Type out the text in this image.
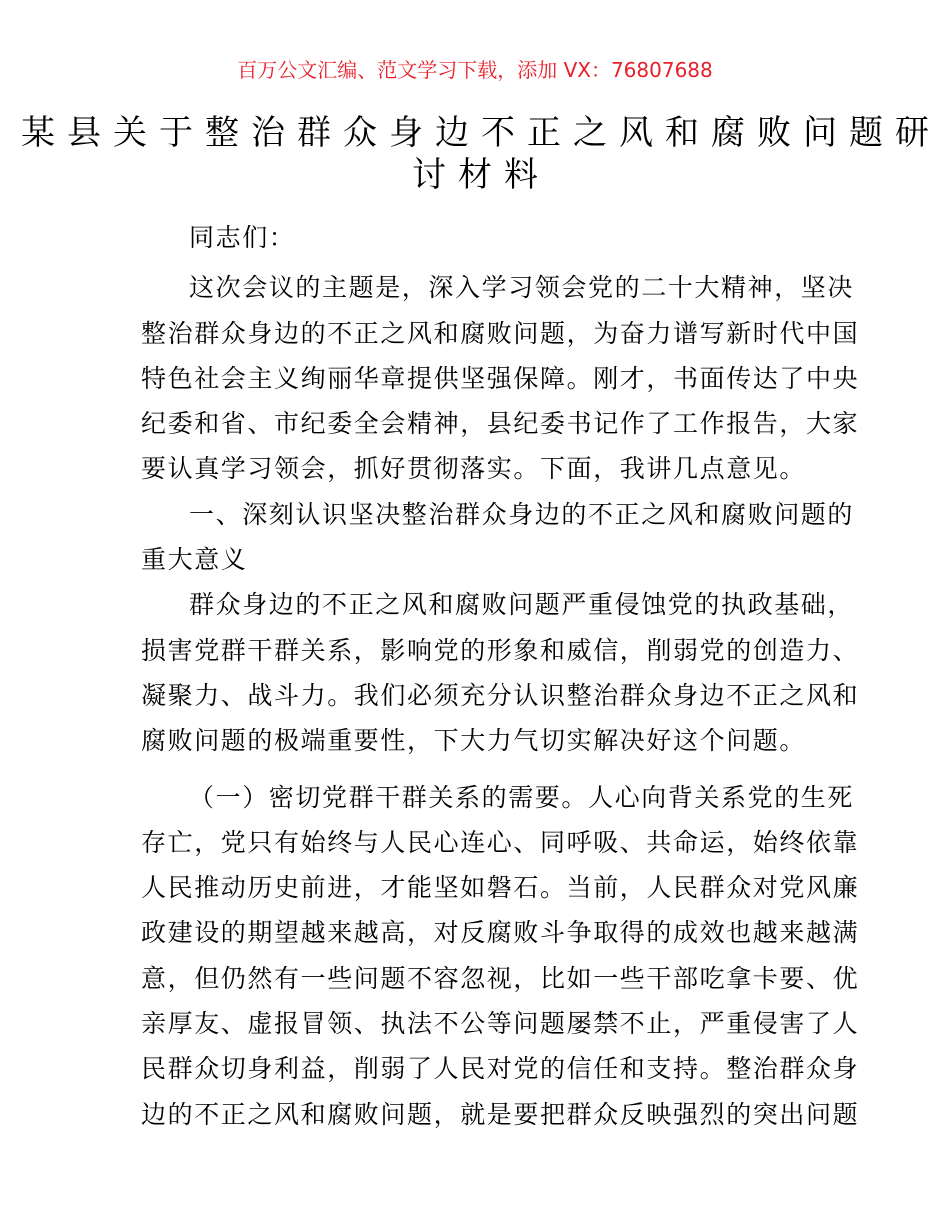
百万公文汇编、范文学习下载，添加 VX：76807688
某县关于整治群众身边不正之风和腐败问题研
讨材料
同志们：
这次会议的主题是，深入学习领会党的二十大精神，坚决
整治群众身边的不正之风和腐败问题，为奋力谱写新时代中国
特色社会主义绚丽华章提供坚强保障。刚才，书面传达了中央
纪委和省、市纪委全会精神，县纪委书记作了工作报告，大家
要认真学习领会，抓好贯彻落实。下面，我讲几点意见。
一、深刻认识坚决整治群众身边的不正之风和腐败问题的
重大意义
群众身边的不正之风和腐败问题严重侵蚀党的执政基础，
损害党群干群关系，影响党的形象和威信，削弱党的创造力、
凝聚力、战斗力。我们必须充分认识整治群众身边不正之风和
腐败问题的极端重要性，下大力气切实解决好这个问题。
（一）密切党群干群关系的需要。人心向背关系党的生死
存亡，党只有始终与人民心连心、同呼吸、共命运，始终依靠
人民推动历史前进，才能坚如磐石。当前，人民群众对党风廉
政建设的期望越来越高，对反腐败斗争取得的成效也越来越满
意，但仍然有一些问题不容忽视，比如一些干部吃拿卡要、优
亲厚友、虚报冒领、执法不公等问题屡禁不止，严重侵害了人
民群众切身利益，削弱了人民对党的信任和支持。整治群众身
边的不正之风和腐败问题，就是要把群众反映强烈的突出问题
